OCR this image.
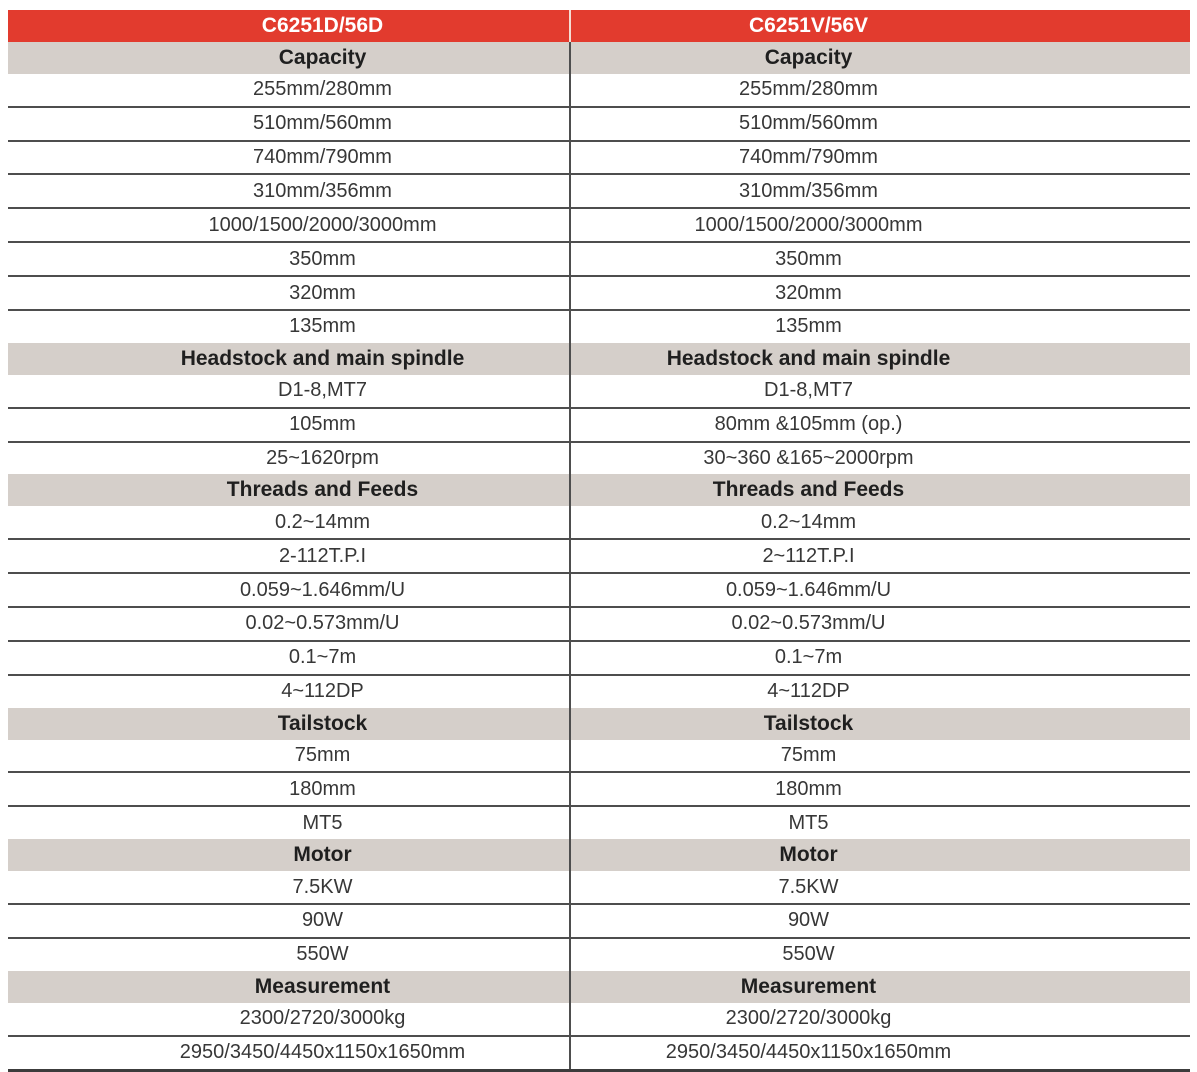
C6251D/56D	C6251V/56V
Capacity	Capacity
255mm/280mm	255mm/280mm
510mm/560mm	510mm/560mm
740mm/790mm	740mm/790mm
310mm/356mm	310mm/356mm
1000/1500/2000/3000mm	1000/1500/2000/3000mm
350mm	350mm
320mm	320mm
135mm	135mm
Headstock and main spindle	Headstock and main spindle
D1-8,MT7	D1-8,MT7
105mm	80mm &105mm (op.)
25~1620rpm	30~360 &165~2000rpm
Threads and Feeds	Threads and Feeds
0.2~14mm	0.2~14mm
2-112T.P.I	2~112T.P.I
0.059~1.646mm/U	0.059~1.646mm/U
0.02~0.573mm/U	0.02~0.573mm/U
0.1~7m	0.1~7m
4~112DP	4~112DP
Tailstock	Tailstock
75mm	75mm
180mm	180mm
MT5	MT5
Motor	Motor
7.5KW	7.5KW
90W	90W
550W	550W
Measurement	Measurement
2300/2720/3000kg	2300/2720/3000kg
2950/3450/4450x1150x1650mm	2950/3450/4450x1150x1650mm
